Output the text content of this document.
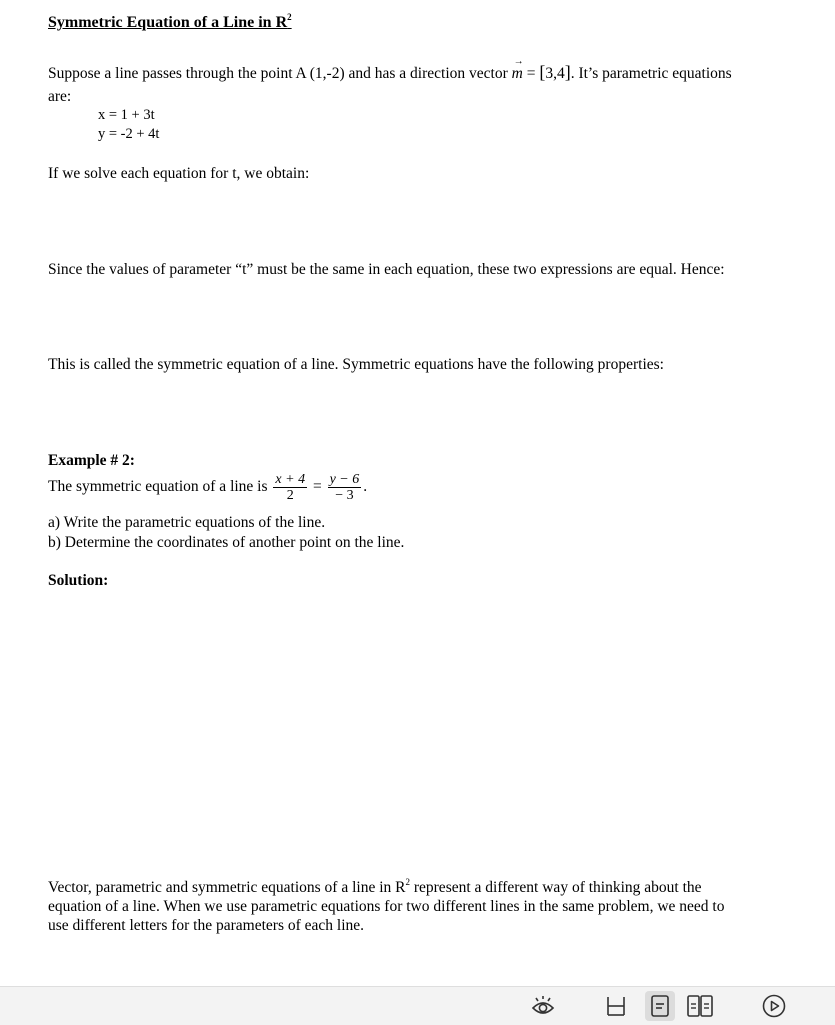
Symmetric Equation of a Line in $R^2$
Suppose a line passes through the point A (1,-2) and has a direction vector
→
m = [3,4]. It’s parametric equations
are:
x = 1 + 3t
y = -2 + 4t
If we solve each equation for t, we obtain:
Since the values of parameter “t” must be the same in each equation, these two expressions are equal. Hence:
This is called the symmetric equation of a line. Symmetric equations have the following properties:
Example # 2:
The symmetric equation of a line is $\frac{x + 4}{2} = \frac{y - 6}{- 3}$ .
a) Write the parametric equations of the line.
b) Determine the coordinates of another point on the line.
Solution:
Vector, parametric and symmetric equations of a line in $R^2$ represent a different way of thinking about the
equation of a line. When we use parametric equations for two different lines in the same problem, we need to
use different letters for the parameters of each line.
